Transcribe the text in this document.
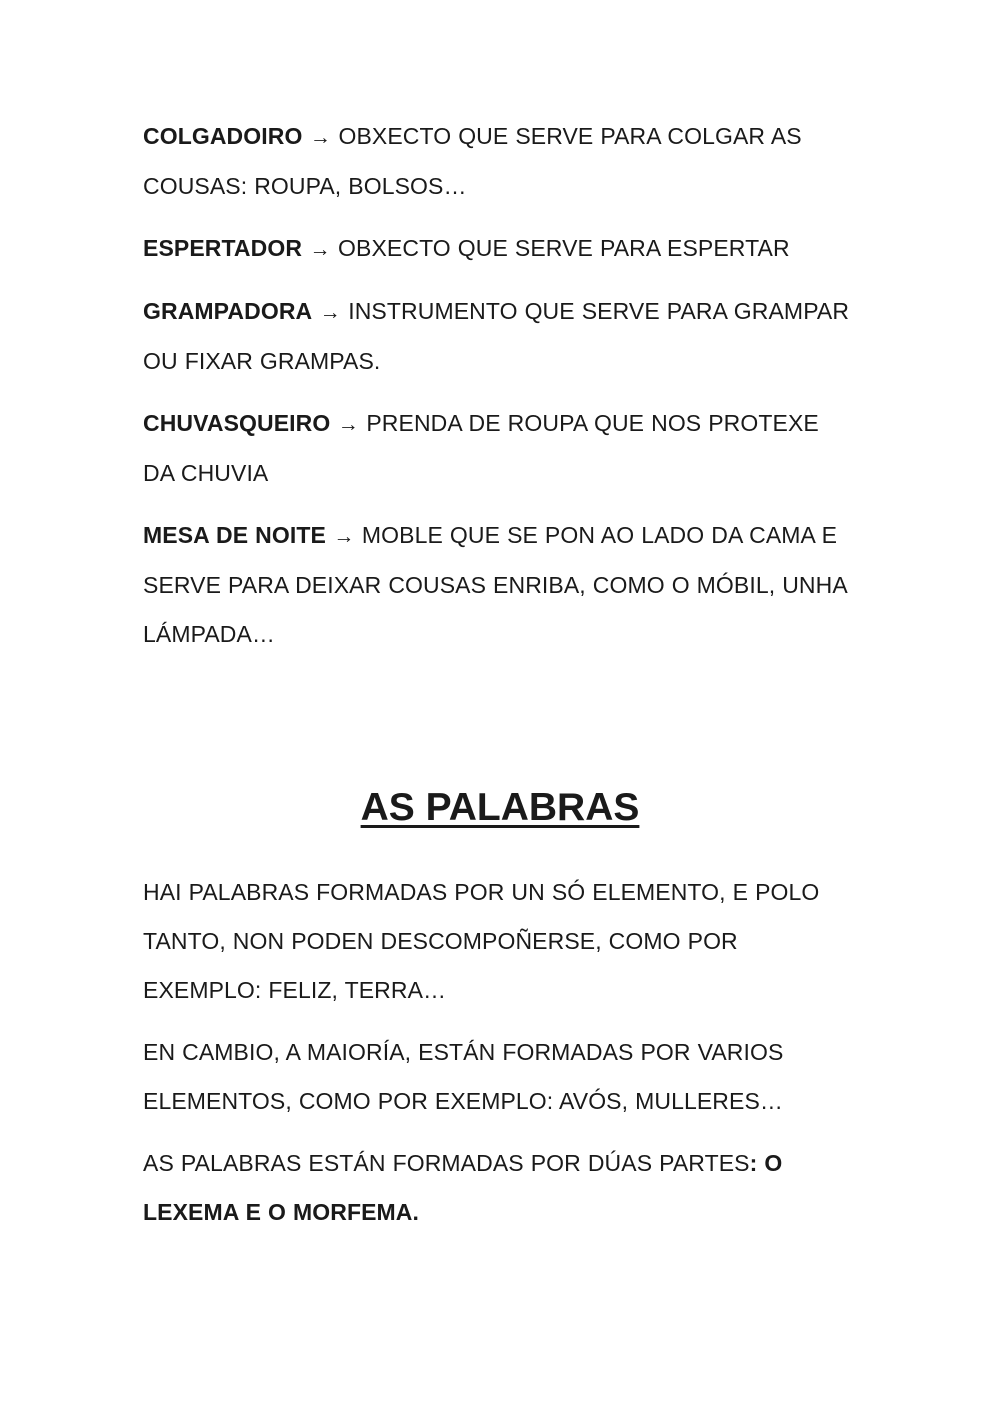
COLGADOIRO → OBXECTO QUE SERVE PARA COLGAR AS COUSAS: ROUPA, BOLSOS…

ESPERTADOR → OBXECTO QUE SERVE PARA ESPERTAR

GRAMPADORA → INSTRUMENTO QUE SERVE PARA GRAMPAR OU FIXAR GRAMPAS.

CHUVASQUEIRO → PRENDA DE ROUPA QUE NOS PROTEXE DA CHUVIA

MESA DE NOITE → MOBLE QUE SE PON AO LADO DA CAMA E SERVE PARA DEIXAR COUSAS ENRIBA, COMO O MÓBIL, UNHA LÁMPADA…

AS PALABRAS

HAI PALABRAS FORMADAS POR UN SÓ ELEMENTO, E POLO TANTO, NON PODEN DESCOMPOÑERSE, COMO POR EXEMPLO: FELIZ, TERRA…

EN CAMBIO, A MAIORÍA, ESTÁN FORMADAS POR VARIOS ELEMENTOS, COMO POR EXEMPLO: AVÓS, MULLERES…

AS PALABRAS ESTÁN FORMADAS POR DÚAS PARTES: O LEXEMA E O MORFEMA.
